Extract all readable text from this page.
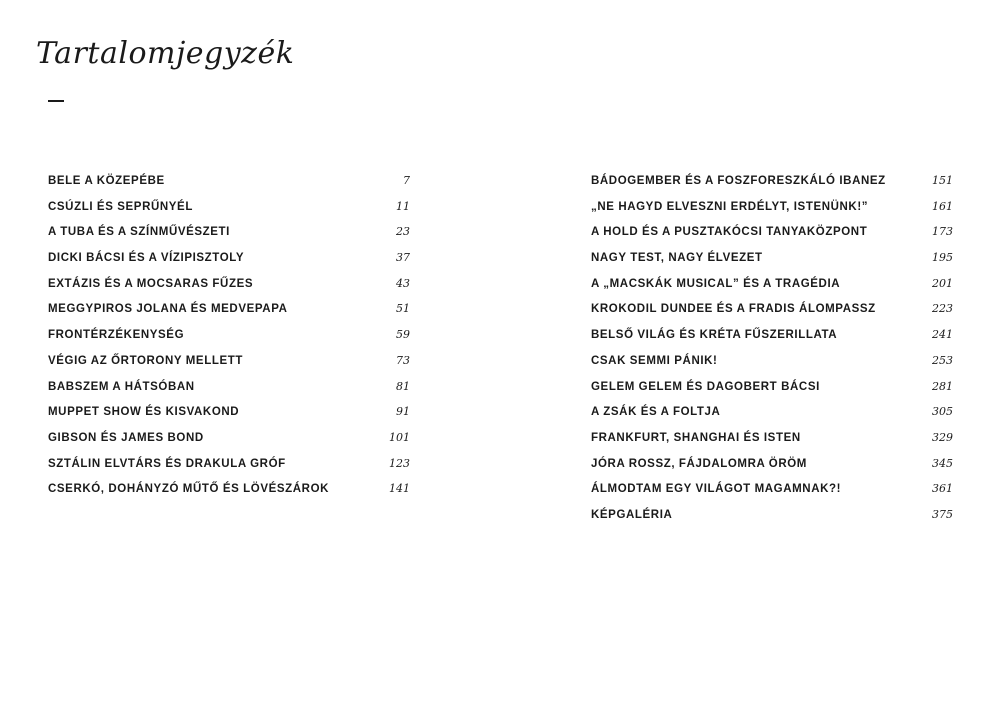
Tartalomjegyzék
BELE A KÖZEPÉBE	7
CSÚZLI ÉS SEPRŰNYÉL	11
A TUBA ÉS A SZÍNMŰVÉSZETI	23
DICKI BÁCSI ÉS A VÍZIPISZTOLY	37
EXTÁZIS ÉS A MOCSARAS FŰZES	43
MEGGYPIROS JOLANA ÉS MEDVEPAPA	51
FRONTÉRZÉKENYSÉG	59
VÉGIG AZ ŐRTORONY MELLETT	73
BABSZEM A HÁTSÓBAN	81
MUPPET SHOW ÉS KISVAKOND	91
GIBSON ÉS JAMES BOND	101
SZTÁLIN ELVTÁRS ÉS DRAKULA GRÓF	123
CSERKÓ, DOHÁNYZÓ MŰTŐ ÉS LÖVÉSZÁROK	141
BÁDOGEMBER ÉS A FOSZFORESZKÁLÓ IBANEZ	151
„NE HAGYD ELVESZNI ERDÉLYT, ISTENÜNK!”	161
A HOLD ÉS A PUSZTAKÓCSI TANYAKÖZPONT	173
NAGY TEST, NAGY ÉLVEZET	195
A „MACSKÁK MUSICAL” ÉS A TRAGÉDIA	201
KROKODIL DUNDEE ÉS A FRADIS ÁLOMPASSZ	223
BELSŐ VILÁG ÉS KRÉTA FŰSZERILLATA	241
CSAK SEMMI PÁNIK!	253
GELEM GELEM ÉS DAGOBERT BÁCSI	281
A ZSÁK ÉS A FOLTJA	305
FRANKFURT, SHANGHAI ÉS ISTEN	329
JÓRA ROSSZ, FÁJDALOMRA ÖRÖM	345
ÁLMODTAM EGY VILÁGOT MAGAMNAK?!	361
KÉPGALÉRIA	375
